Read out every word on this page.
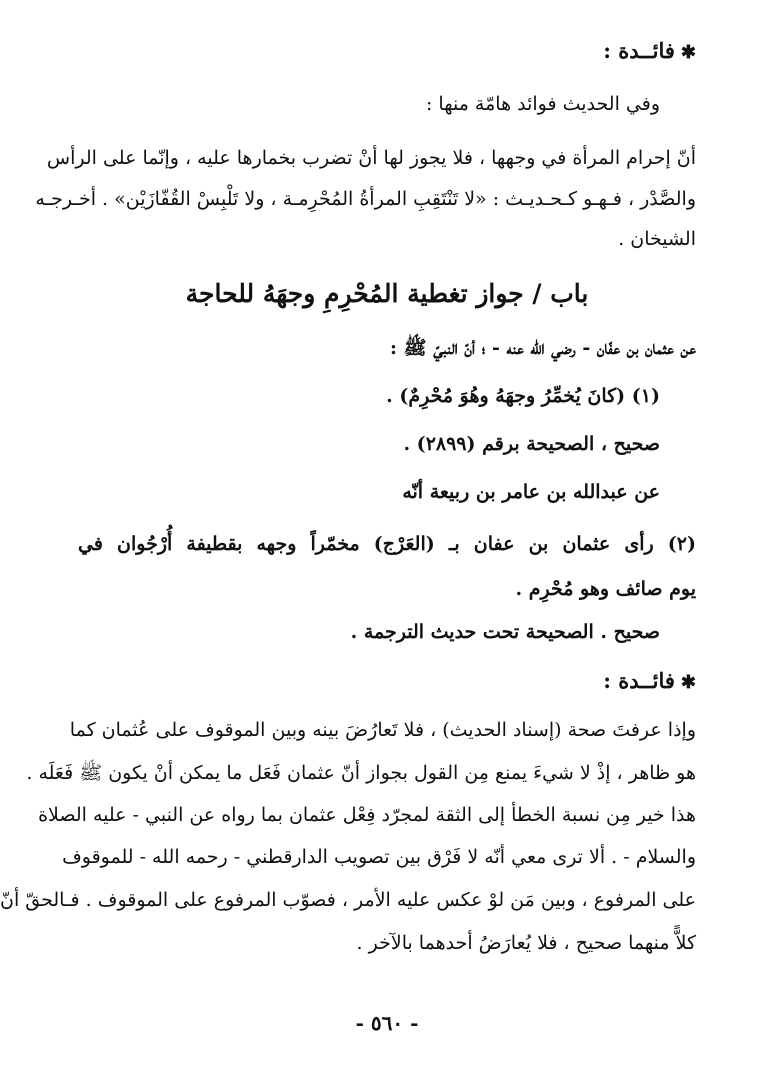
✱فائــدة :
وفي الحديث فوائد هامّة منها :
أنّ إحرام المرأة في وجهها ، فلا يجوز لها أنْ تضرب بخمارها عليه ، وإنّما على الرأس
والصَّدْر ، فـهـو كـحـديـث : «لا تَنْتَقِبِ المرأةُ المُحْرِمـة ، ولا تَلْبِسْ القُفّازَيْن» . أخـرجـه
الشيخان .
باب / جواز تغطية المُحْرِمِ وجهَهُ للحاجة
عن عثمان بن عفّان - رضي الله عنه - ؛ أنّ النبيّ ﷺ :
(١) (كانَ يُخمِّرُ وجهَهُ وهُوَ مُحْرِمٌ) .
صحيح ، الصحيحة برقم (٢٨٩٩) .
عن عبدالله بن عامر بن ربيعة أنّه
(٢) رأى عثمان بن عفان بـ (العَرْج) مخمّراً وجهه بقطيفة أُرْجُوان في
يوم صائف وهو مُحْرِم .
صحيح . الصحيحة تحت حديث الترجمة .
✱فائــدة :
وإذا عرفتَ صحة (إسناد الحديث) ، فلا تَعارُضَ بينه وبين الموقوف على عُثمان كما
هو ظاهر ، إذْ لا شيءَ يمنع مِن القول بجواز أنّ عثمان فَعَل ما يمكن أنْ يكون ﷺ فَعَلَه .
هذا خير مِن نسبة الخطأ إلى الثقة لمجرّد فِعْل عثمان بما رواه عن النبي - عليه الصلاة
والسلام - . ألا ترى معي أنّه لا فَرْق بين تصويب الدارقطني - رحمه الله - للموقوف
على المرفوع ، وبين مَن لوْ عكس عليه الأمر ، فصوّب المرفوع على الموقوف . فـالحقّ أنّ
كلاًّ منهما صحيح ، فلا يُعارَضُ أحدهما بالآخر .
- ٥٦٠ -
